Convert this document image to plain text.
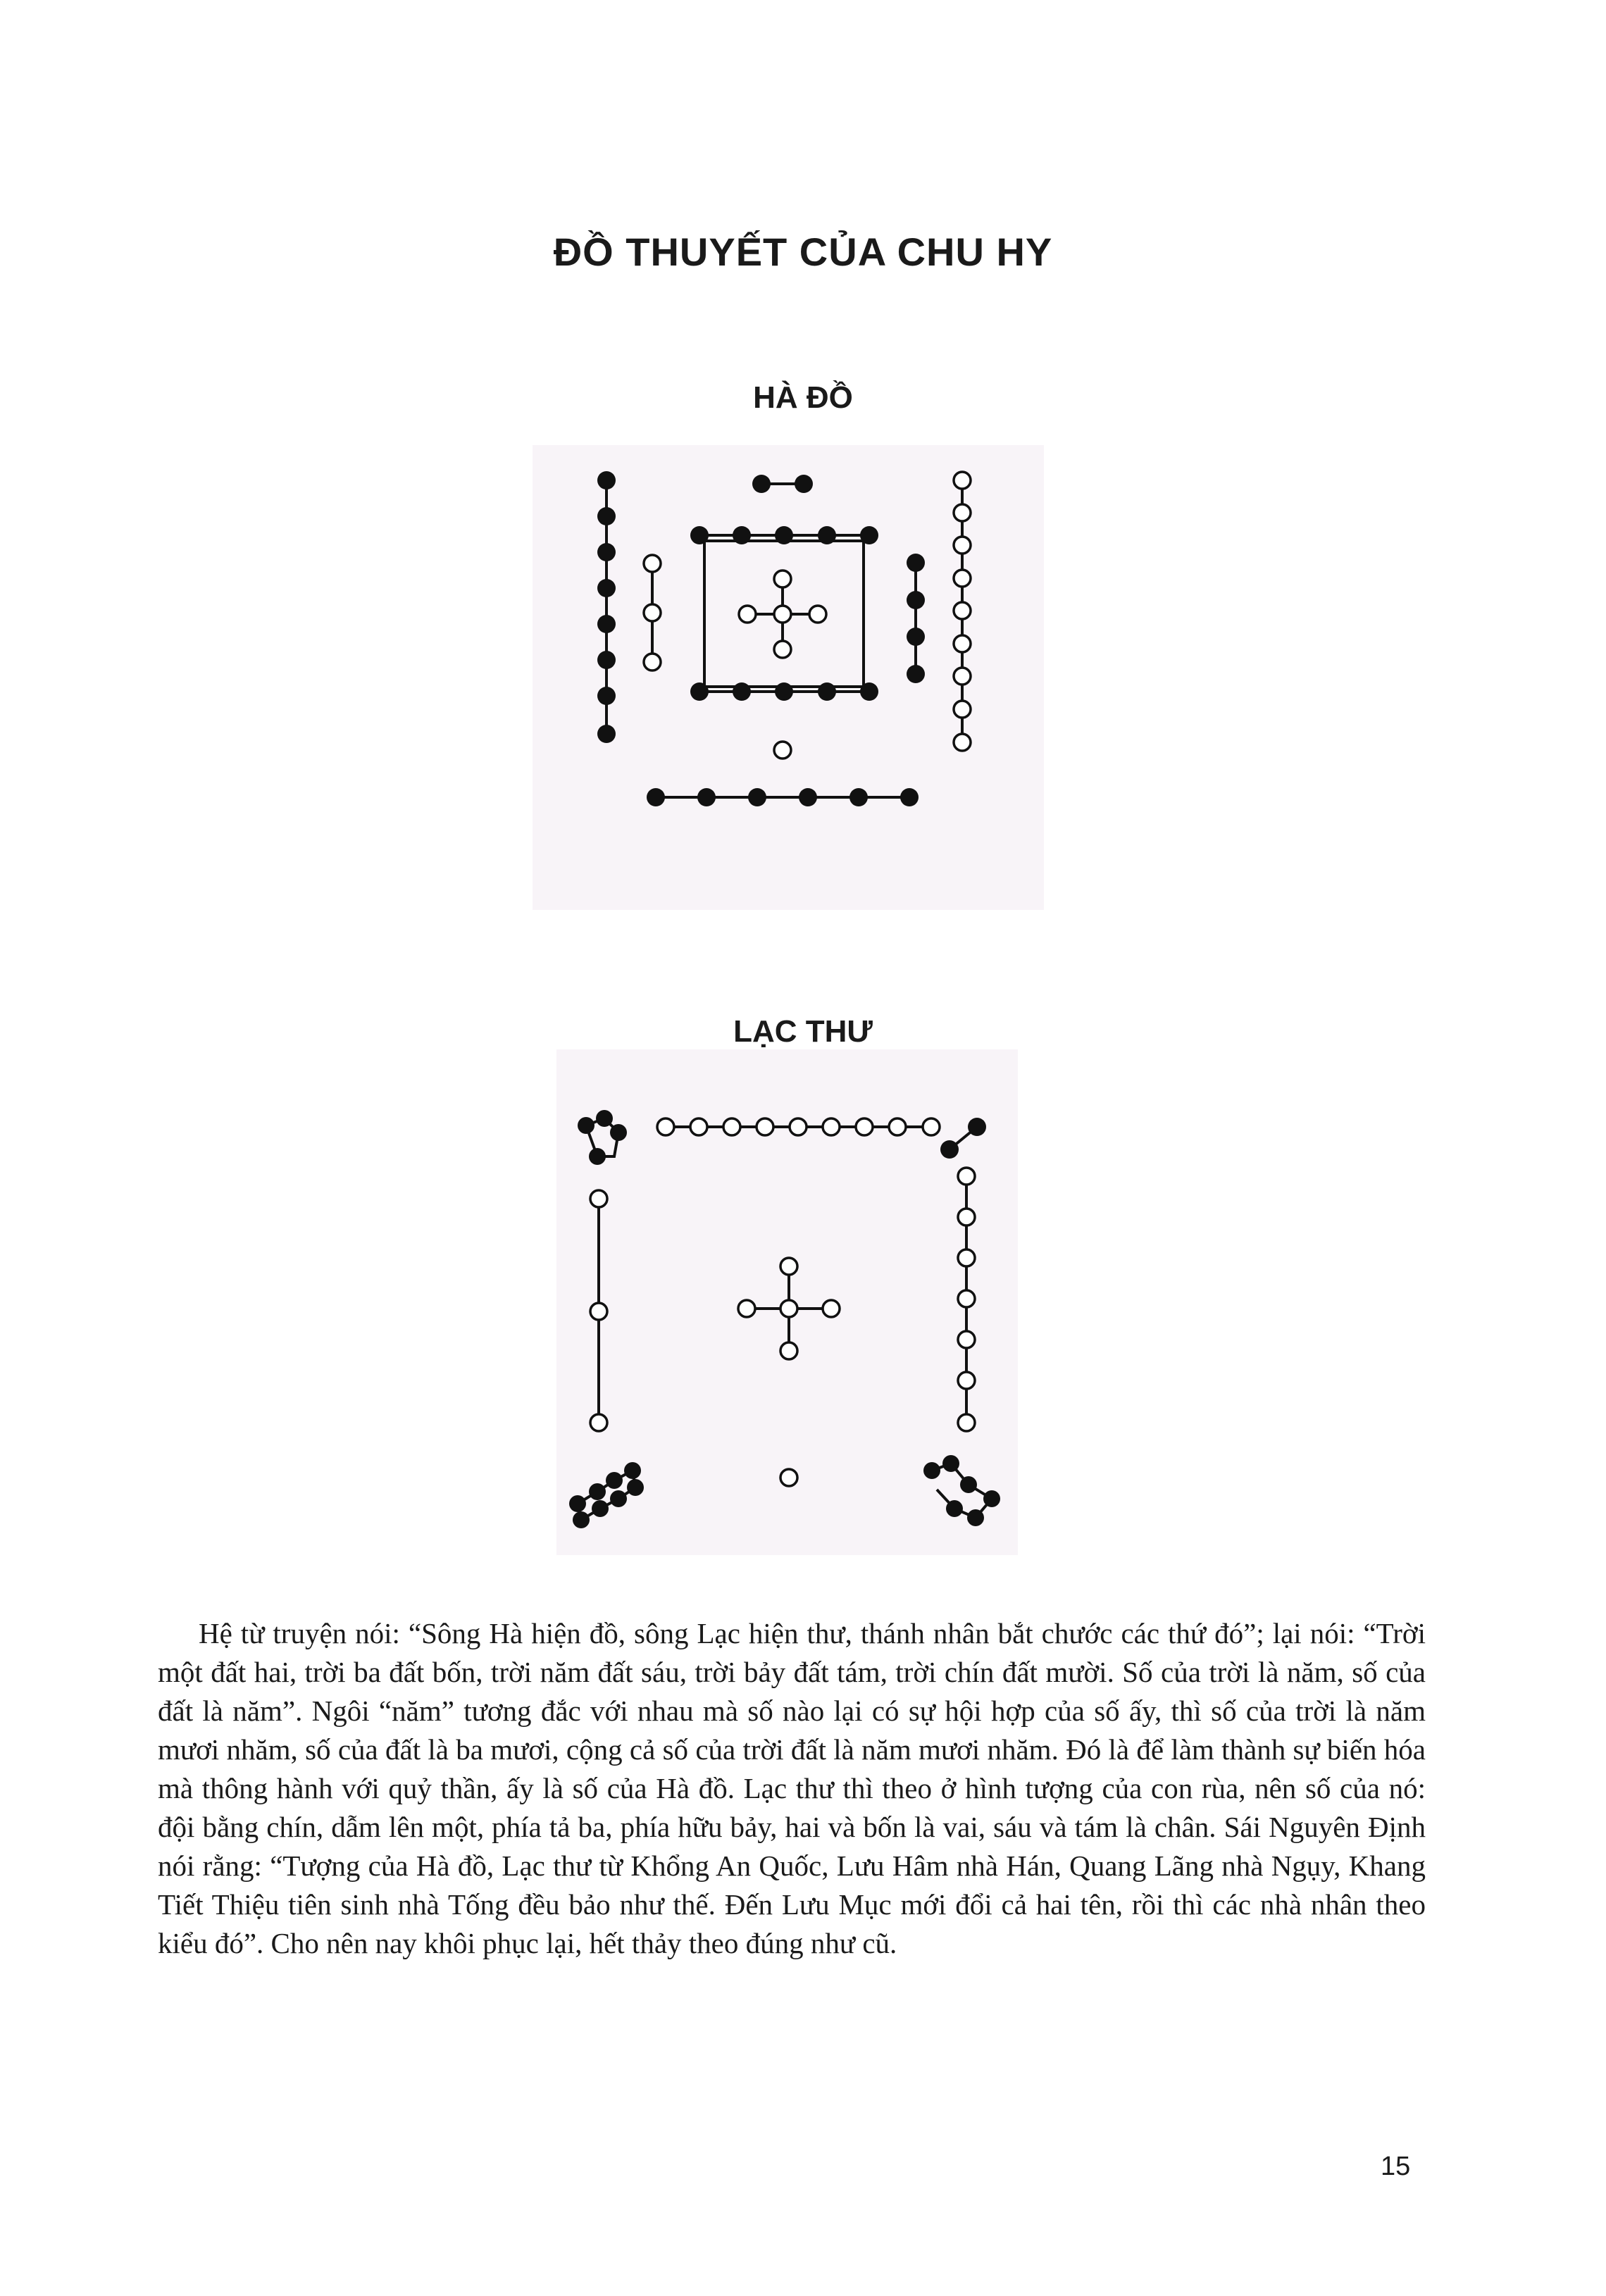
ĐỒ THUYẾT CỦA CHU HY
HÀ ĐỒ
LẠC THƯ

Hệ từ truyện nói: “Sông Hà hiện đồ, sông Lạc hiện thư, thánh nhân bắt chước các thứ đó”; lại nói: “Trời một đất hai, trời ba đất bốn, trời năm đất sáu, trời bảy đất tám, trời chín đất mười. Số của trời là năm, số của đất là năm”. Ngôi “năm” tương đắc với nhau mà số nào lại có sự hội hợp của số ấy, thì số của trời là năm mươi nhăm, số của đất là ba mươi, cộng cả số của trời đất là năm mươi nhăm. Đó là để làm thành sự biến hóa mà thông hành với quỷ thần, ấy là số của Hà đồ. Lạc thư thì theo ở hình tượng của con rùa, nên số của nó: đội bằng chín, dẫm lên một, phía tả ba, phía hữu bảy, hai và bốn là vai, sáu và tám là chân. Sái Nguyên Định nói rằng: “Tượng của Hà đồ, Lạc thư từ Khổng An Quốc, Lưu Hâm nhà Hán, Quang Lãng nhà Ngụy, Khang Tiết Thiệu tiên sinh nhà Tống đều bảo như thế. Đến Lưu Mục mới đổi cả hai tên, rồi thì các nhà nhân theo kiểu đó”. Cho nên nay khôi phục lại, hết thảy theo đúng như cũ.

15
